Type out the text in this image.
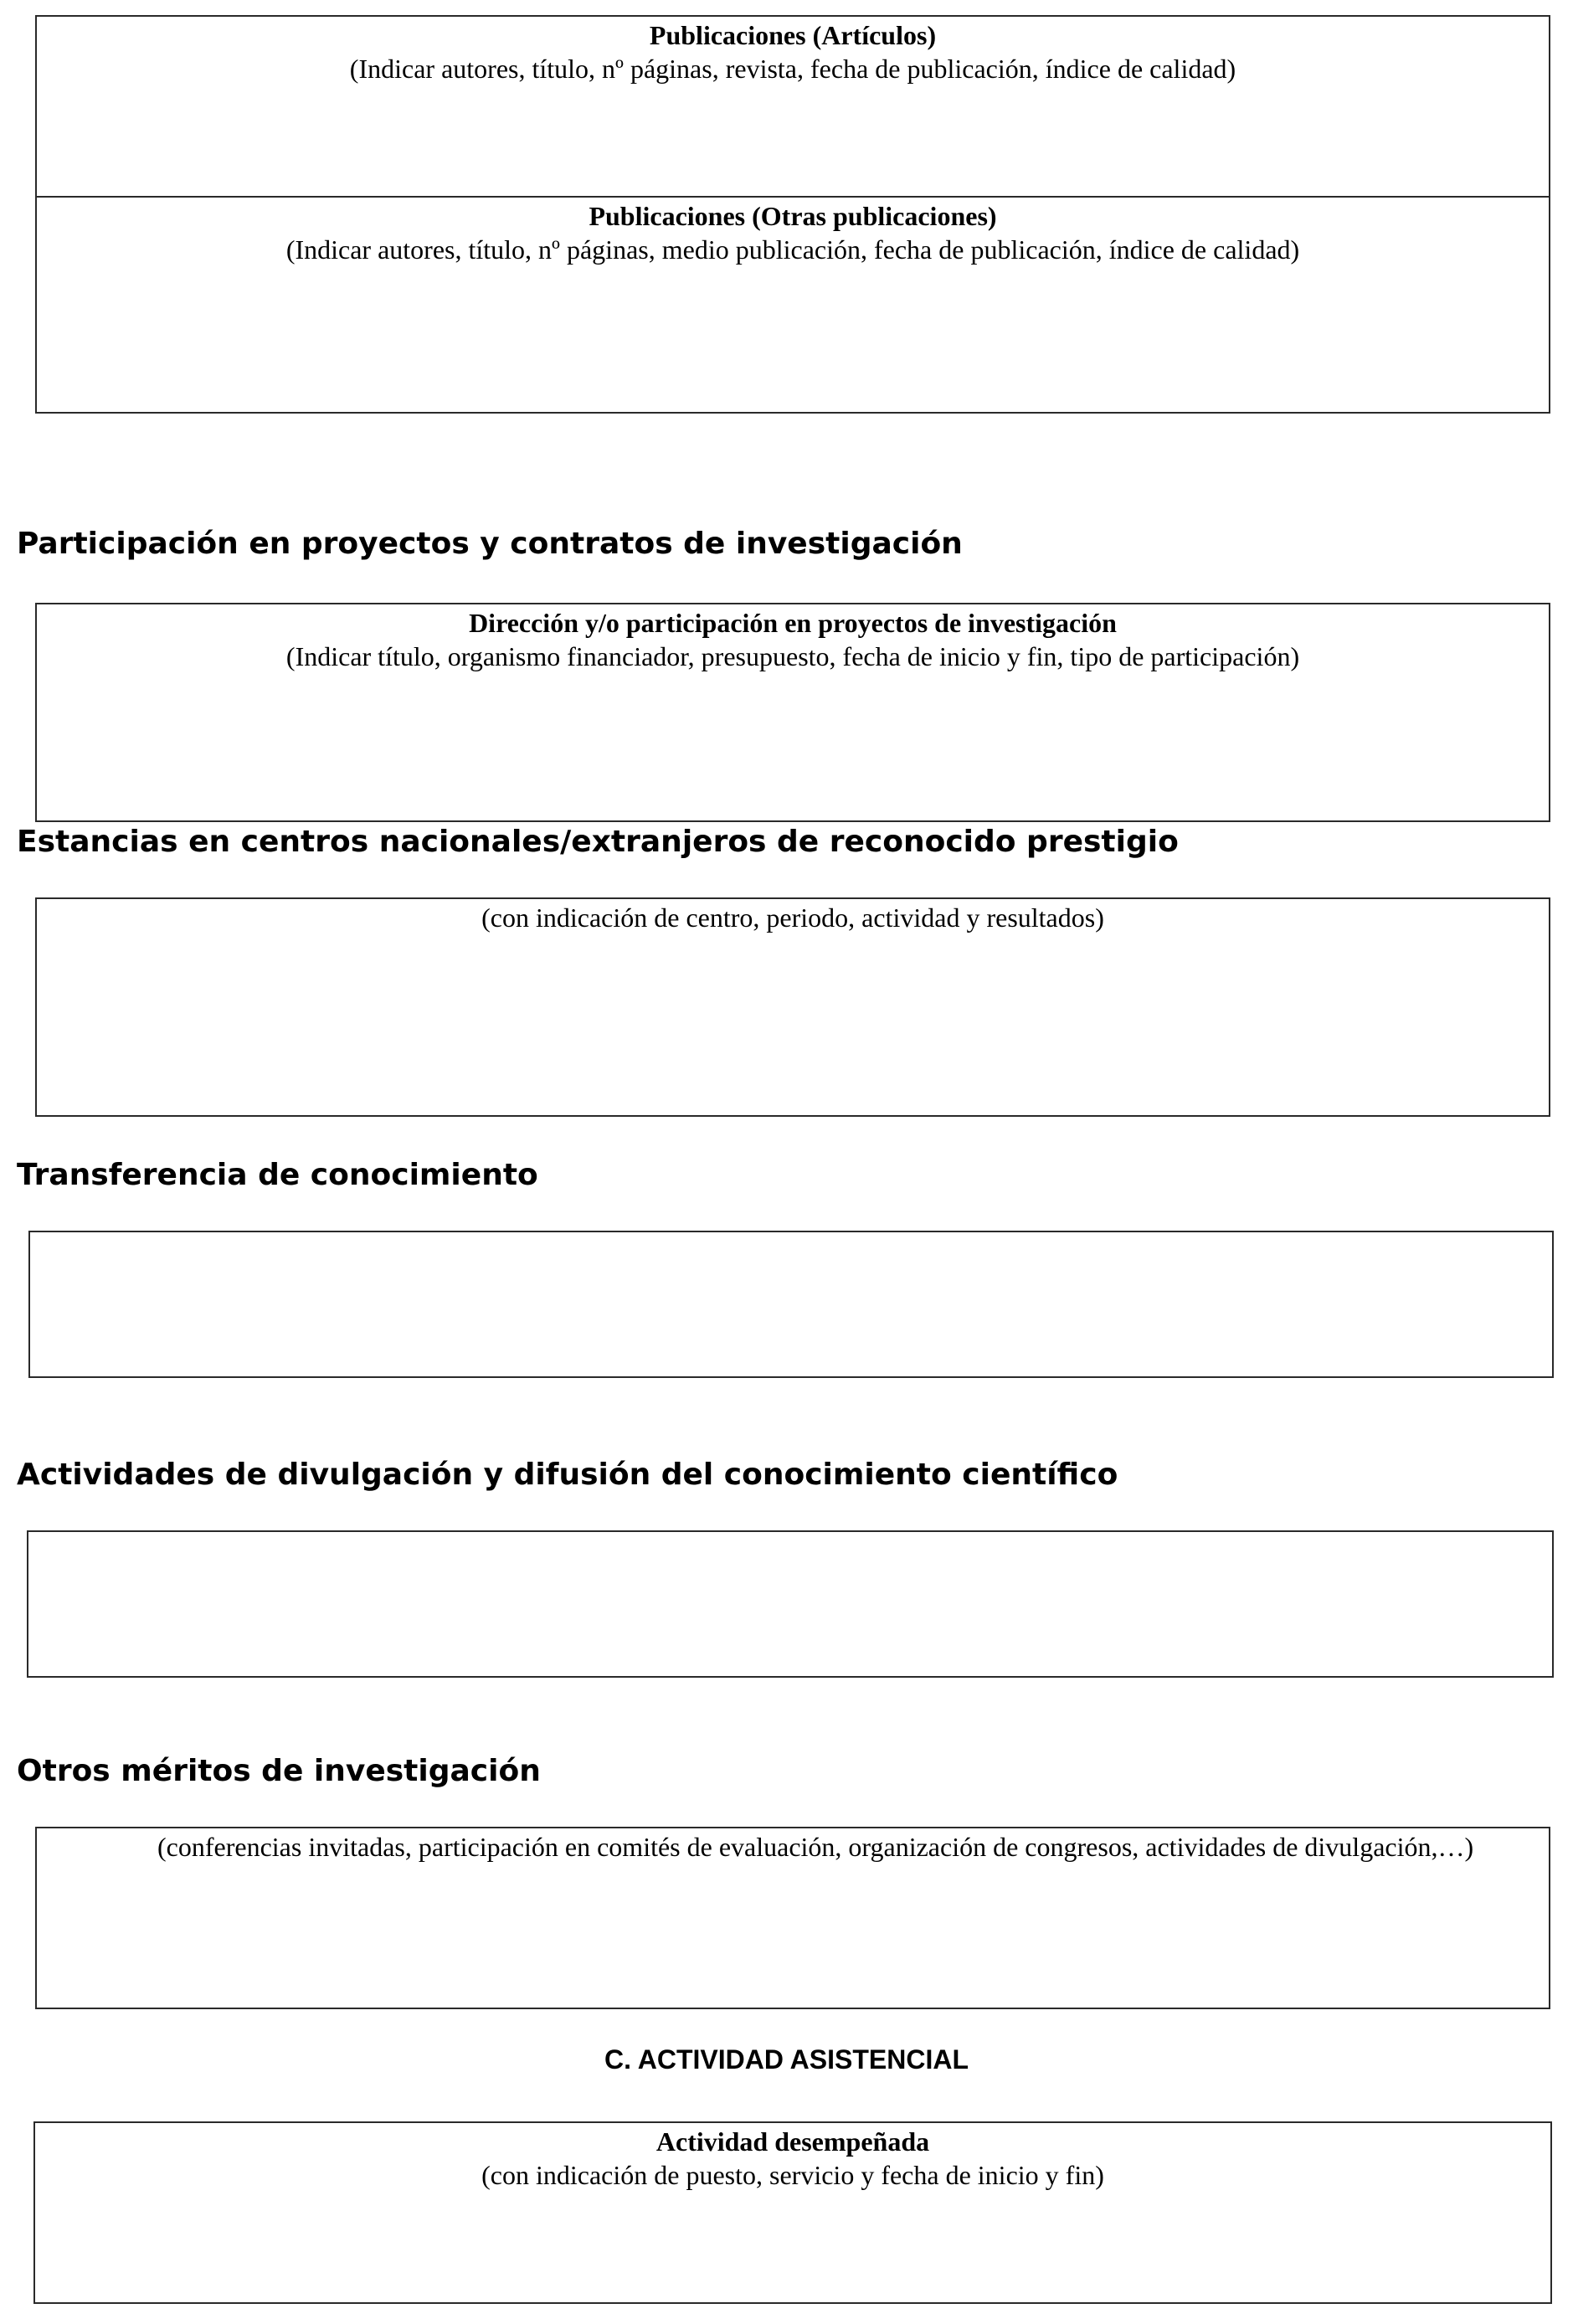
Publicaciones (Artículos)
(Indicar autores, título, nº páginas, revista, fecha de publicación, índice de calidad)
Publicaciones (Otras publicaciones)
(Indicar autores, título, nº páginas, medio publicación, fecha de publicación, índice de calidad)
Participación en proyectos y contratos de investigación
Dirección y/o participación en proyectos de investigación
(Indicar título, organismo financiador, presupuesto, fecha de inicio y fin, tipo de participación)
Estancias en centros nacionales/extranjeros de reconocido prestigio
(con indicación de centro, periodo, actividad y resultados)
Transferencia de conocimiento
Actividades de divulgación y difusión del conocimiento científico
Otros méritos de investigación
(conferencias invitadas, participación en comités de evaluación, organización de congresos, actividades de divulgación,…)
C. ACTIVIDAD ASISTENCIAL
Actividad desempeñada
(con indicación de puesto, servicio y fecha de inicio y fin)
